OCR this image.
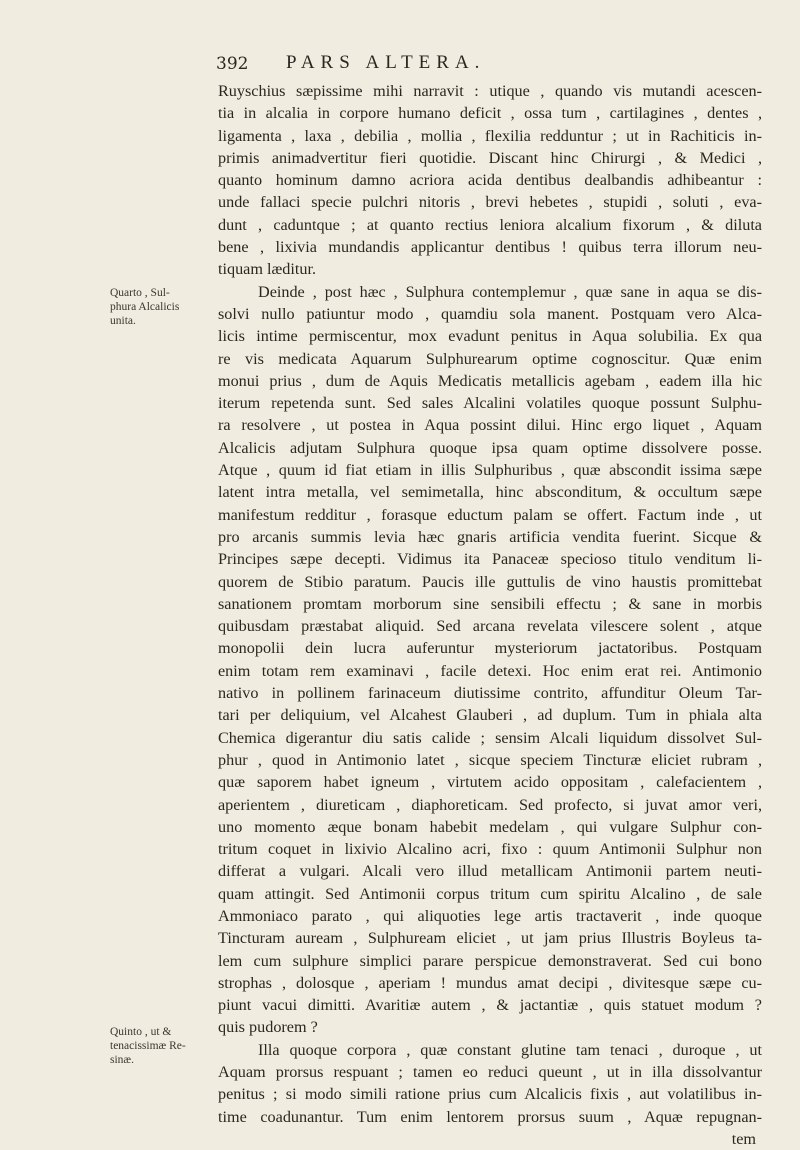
392 PARS ALTERA.
Quarto , Sul-
phura Alcalicis
unita.
Quinto , ut &
tenacissimæ Re-
sinæ.
Ruyschius sæpissime mihi narravit : utique , quando vis mutandi acescen-
tia in alcalia in corpore humano deficit , ossa tum , cartilagines , dentes ,
ligamenta , laxa , debilia , mollia , flexilia redduntur ; ut in Rachiticis in-
primis animadvertitur fieri quotidie. Discant hinc Chirurgi , & Medici ,
quanto hominum damno acriora acida dentibus dealbandis adhibeantur :
unde fallaci specie pulchri nitoris , brevi hebetes , stupidi , soluti , eva-
dunt , caduntque ; at quanto rectius leniora alcalium fixorum , & diluta
bene , lixivia mundandis applicantur dentibus ! quibus terra illorum neu-
tiquam læditur.
Deinde , post hæc , Sulphura contemplemur , quæ sane in aqua se dis-
solvi nullo patiuntur modo , quamdiu sola manent. Postquam vero Alca-
licis intime permiscentur, mox evadunt penitus in Aqua solubilia. Ex qua
re vis medicata Aquarum Sulphurearum optime cognoscitur. Quæ enim
monui prius , dum de Aquis Medicatis metallicis agebam , eadem illa hic
iterum repetenda sunt. Sed sales Alcalini volatiles quoque possunt Sulphu-
ra resolvere , ut postea in Aqua possint dilui. Hinc ergo liquet , Aquam
Alcalicis adjutam Sulphura quoque ipsa quam optime dissolvere posse.
Atque , quum id fiat etiam in illis Sulphuribus , quæ abscondit issima sæpe
latent intra metalla, vel semimetalla, hinc absconditum, & occultum sæpe
manifestum redditur , forasque eductum palam se offert. Factum inde , ut
pro arcanis summis levia hæc gnaris artificia vendita fuerint. Sicque &
Principes sæpe decepti. Vidimus ita Panaceæ specioso titulo venditum li-
quorem de Stibio paratum. Paucis ille guttulis de vino haustis promittebat
sanationem promtam morborum sine sensibili effectu ; & sane in morbis
quibusdam præstabat aliquid. Sed arcana revelata vilescere solent , atque
monopolii dein lucra auferuntur mysteriorum jactatoribus. Postquam
enim totam rem examinavi , facile detexi. Hoc enim erat rei. Antimonio
nativo in pollinem farinaceum diutissime contrito, affunditur Oleum Tar-
tari per deliquium, vel Alcahest Glauberi , ad duplum. Tum in phiala alta
Chemica digerantur diu satis calide ; sensim Alcali liquidum dissolvet Sul-
phur , quod in Antimonio latet , sicque speciem Tincturæ eliciet rubram ,
quæ saporem habet igneum , virtutem acido oppositam , calefacientem ,
aperientem , diureticam , diaphoreticam. Sed profecto, si juvat amor veri,
uno momento æque bonam habebit medelam , qui vulgare Sulphur con-
tritum coquet in lixivio Alcalino acri, fixo : quum Antimonii Sulphur non
differat a vulgari. Alcali vero illud metallicam Antimonii partem neuti-
quam attingit. Sed Antimonii corpus tritum cum spiritu Alcalino , de sale
Ammoniaco parato , qui aliquoties lege artis tractaverit , inde quoque
Tincturam auream , Sulphuream eliciet , ut jam prius Illustris Boyleus ta-
lem cum sulphure simplici parare perspicue demonstraverat. Sed cui bono
strophas , dolosque , aperiam ! mundus amat decipi , divitesque sæpe cu-
piunt vacui dimitti. Avaritiæ autem , & jactantiæ , quis statuet modum ?
quis pudorem ?
Illa quoque corpora , quæ constant glutine tam tenaci , duroque , ut
Aquam prorsus respuant ; tamen eo reduci queunt , ut in illa dissolvantur
penitus ; si modo simili ratione prius cum Alcalicis fixis , aut volatilibus in-
time coadunantur. Tum enim lentorem prorsus suum , Aquæ repugnan-
tem
